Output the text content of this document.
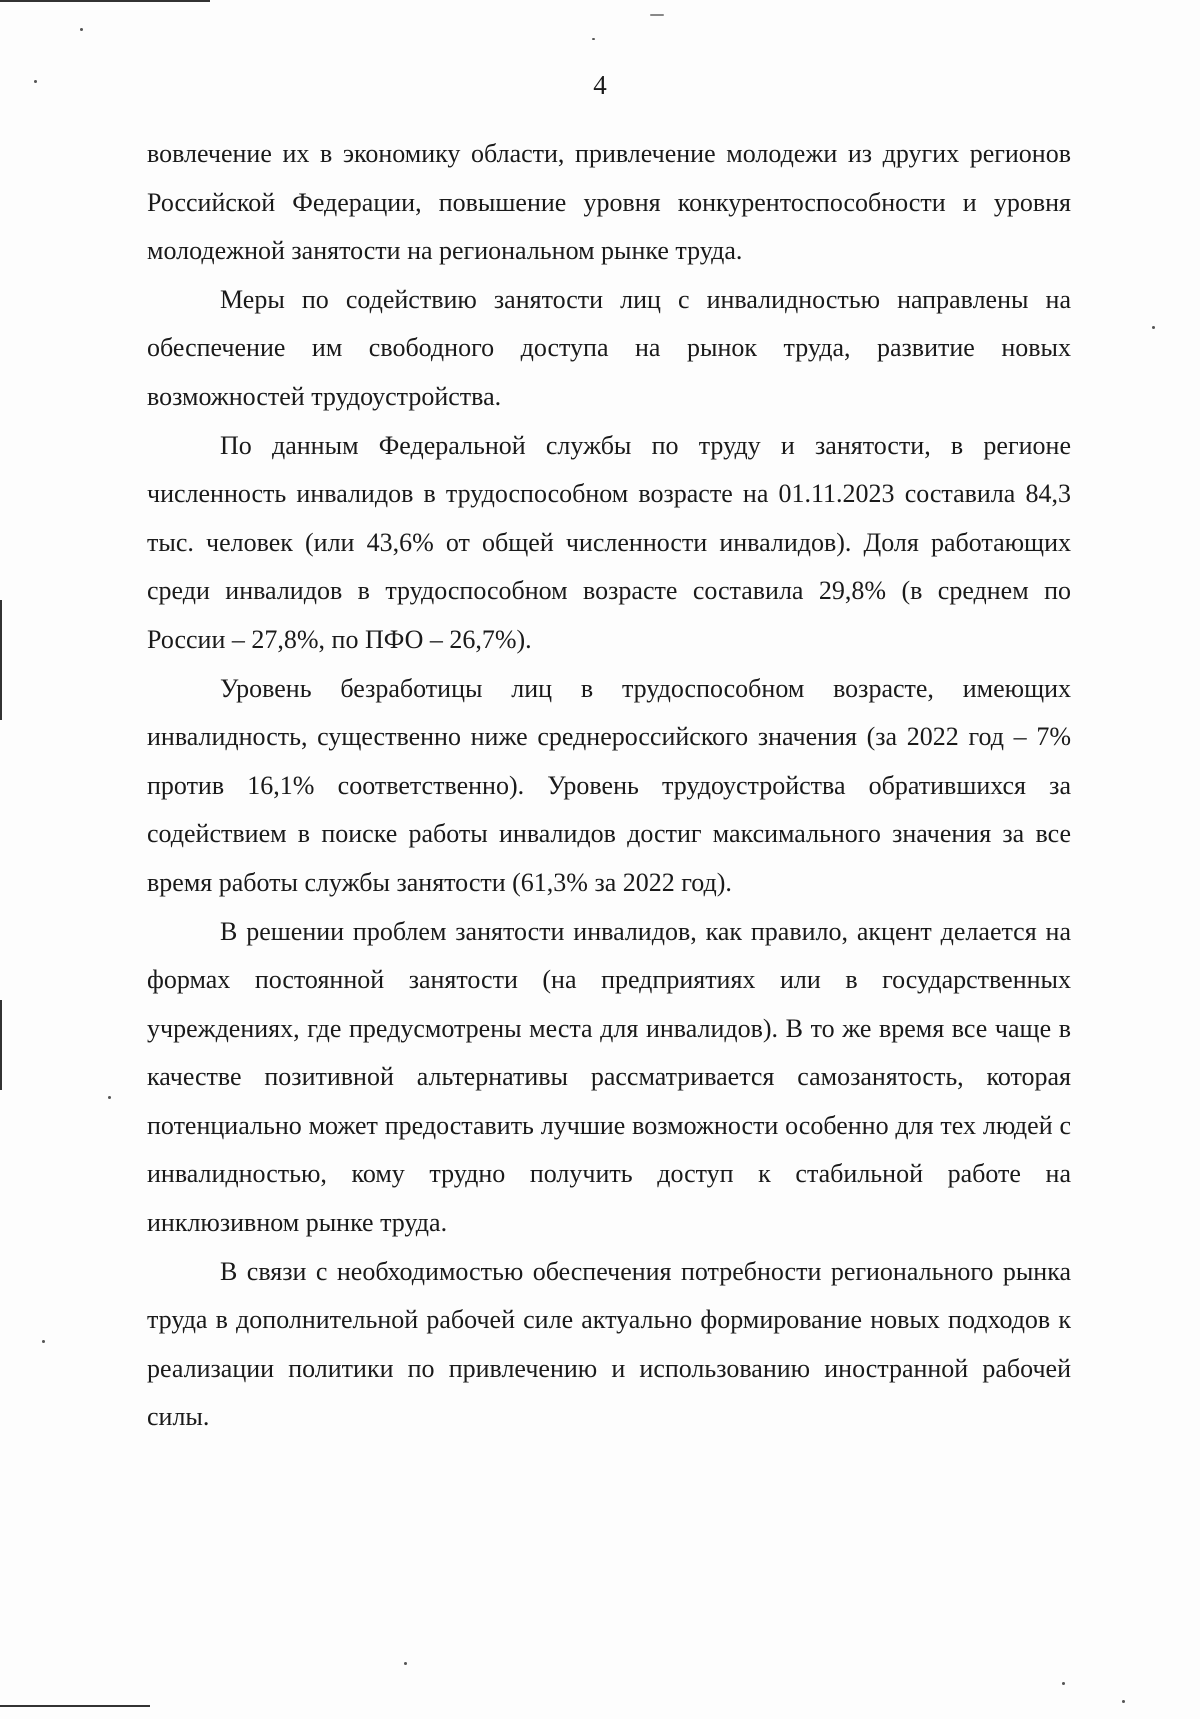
4

вовлечение их в экономику области, привлечение молодежи из других регионов Российской Федерации, повышение уровня конкурентоспособности и уровня молодежной занятости на региональном рынке труда.

Меры по содействию занятости лиц с инвалидностью направлены на обеспечение им свободного доступа на рынок труда, развитие новых возможностей трудоустройства.

По данным Федеральной службы по труду и занятости, в регионе численность инвалидов в трудоспособном возрасте на 01.11.2023 составила 84,3 тыс. человек (или 43,6% от общей численности инвалидов). Доля работающих среди инвалидов в трудоспособном возрасте составила 29,8% (в среднем по России – 27,8%, по ПФО – 26,7%).

Уровень безработицы лиц в трудоспособном возрасте, имеющих инвалидность, существенно ниже среднероссийского значения (за 2022 год – 7% против 16,1% соответственно). Уровень трудоустройства обратившихся за содействием в поиске работы инвалидов достиг максимального значения за все время работы службы занятости (61,3% за 2022 год).

В решении проблем занятости инвалидов, как правило, акцент делается на формах постоянной занятости (на предприятиях или в государственных учреждениях, где предусмотрены места для инвалидов). В то же время все чаще в качестве позитивной альтернативы рассматривается самозанятость, которая потенциально может предоставить лучшие возможности особенно для тех людей с инвалидностью, кому трудно получить доступ к стабильной работе на инклюзивном рынке труда.

В связи с необходимостью обеспечения потребности регионального рынка труда в дополнительной рабочей силе актуально формирование новых подходов к реализации политики по привлечению и использованию иностранной рабочей силы.
